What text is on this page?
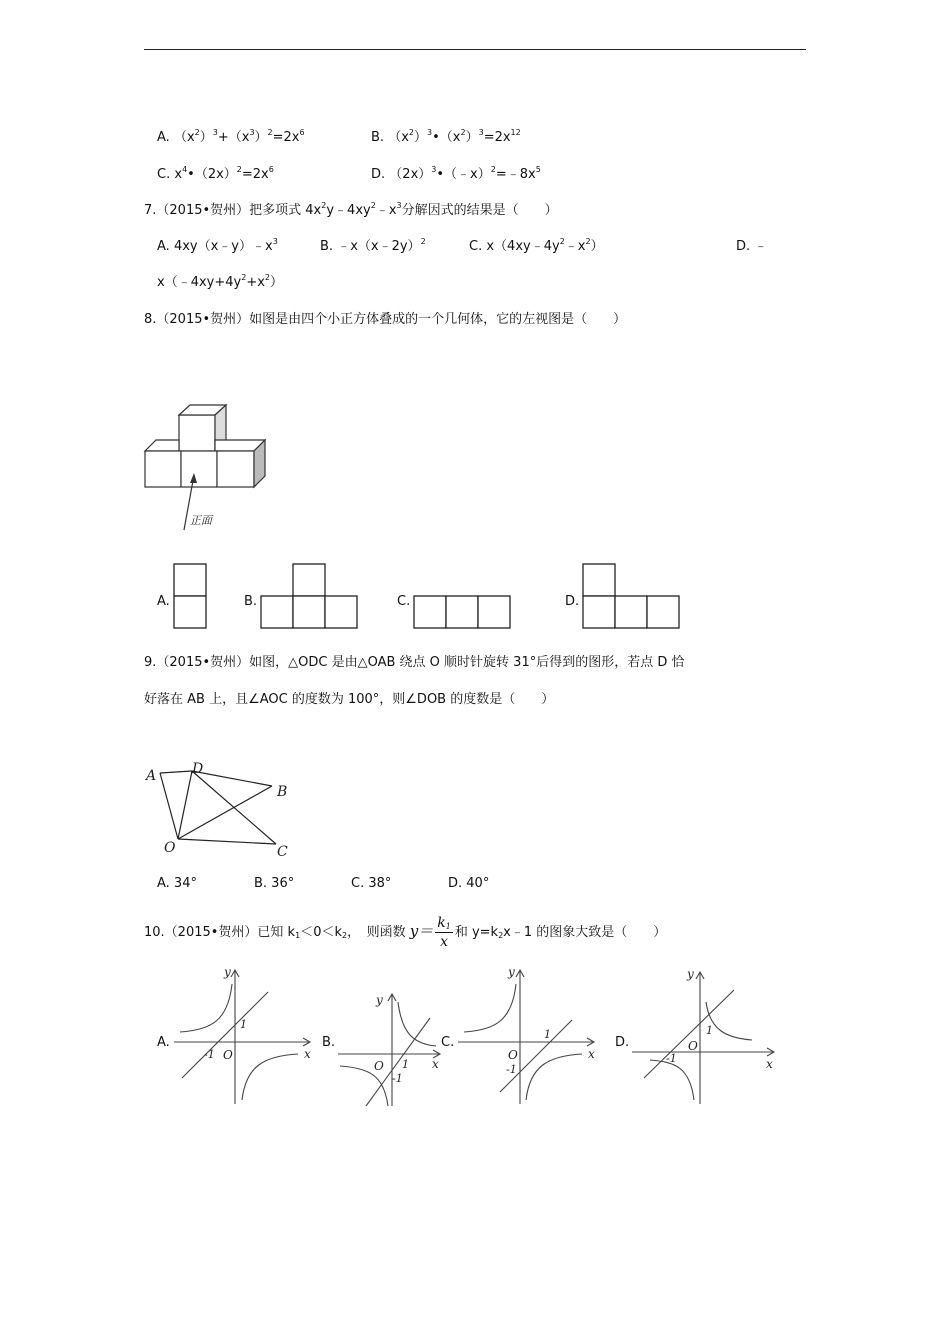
A. $(x^2)^3+(x^3)^2=2x^6$	B. $(x^2)^3•(x^2)^3=2x^{12}$
C. $x^4•(2x)^2=2x^6$	D. $(2x)^3•(﹣x)^2=﹣8x^5$
7.（2015•贺州）把多项式 $4x^2y﹣4xy^2﹣x^3$分解因式的结果是（　　）
A. $4xy(x﹣y)﹣x^3$	B. ﹣x（x﹣2y）$^2$	C. $x(4xy﹣4y^2﹣x^2)$	D. ﹣
$x(﹣4xy+4y^2+x^2)$
8.（2015•贺州）如图是由四个小正方体叠成的一个几何体，它的左视图是（　　）
正面
A.	B.	C.	D.
9.（2015•贺州）如图，△ODC 是由△OAB 绕点 O 顺时针旋转 31°后得到的图形，若点 D 恰
好落在 AB 上，且∠AOC 的度数为 100°，则∠DOB 的度数是（　　）
A	D
B
O	C
A. 34°	B. 36°	C. 38°	D. 40°
10.（2015•贺州）已知 $k_1<0<k_2$，　则函数 $y= \frac{k_1}{x}$ 和 $y=k_2x﹣1$ 的图象大致是（　　）
A.
y
x
O
-1
1
B.
y
x
O 1
-1
C.
y
x
O
1
-1
D.
y
x
O
-1
1
